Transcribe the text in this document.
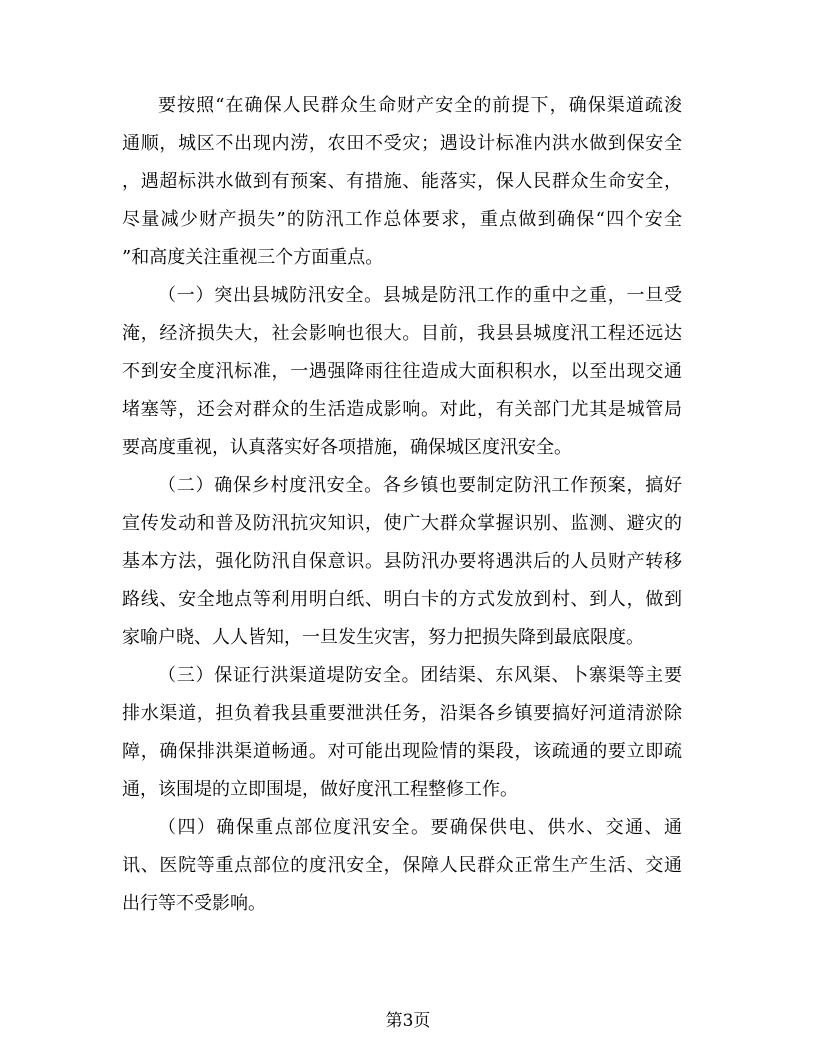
要按照“在确保人民群众生命财产安全的前提下，确保渠道疏浚
通顺，城区不出现内涝，农田不受灾；遇设计标准内洪水做到保安全
，遇超标洪水做到有预案、有措施、能落实，保人民群众生命安全，
尽量减少财产损失”的防汛工作总体要求，重点做到确保“四个安全
”和高度关注重视三个方面重点。
（一）突出县城防汛安全。县城是防汛工作的重中之重，一旦受
淹，经济损失大，社会影响也很大。目前，我县县城度汛工程还远达
不到安全度汛标准，一遇强降雨往往造成大面积积水，以至出现交通
堵塞等，还会对群众的生活造成影响。对此，有关部门尤其是城管局
要高度重视，认真落实好各项措施，确保城区度汛安全。
（二）确保乡村度汛安全。各乡镇也要制定防汛工作预案，搞好
宣传发动和普及防汛抗灾知识，使广大群众掌握识别、监测、避灾的
基本方法，强化防汛自保意识。县防汛办要将遇洪后的人员财产转移
路线、安全地点等利用明白纸、明白卡的方式发放到村、到人，做到
家喻户晓、人人皆知，一旦发生灾害，努力把损失降到最底限度。
（三）保证行洪渠道堤防安全。团结渠、东风渠、卜寨渠等主要
排水渠道，担负着我县重要泄洪任务，沿渠各乡镇要搞好河道清淤除
障，确保排洪渠道畅通。对可能出现险情的渠段，该疏通的要立即疏
通，该围堤的立即围堤，做好度汛工程整修工作。
（四）确保重点部位度汛安全。要确保供电、供水、交通、通
讯、医院等重点部位的度汛安全，保障人民群众正常生产生活、交通
出行等不受影响。
第3页
